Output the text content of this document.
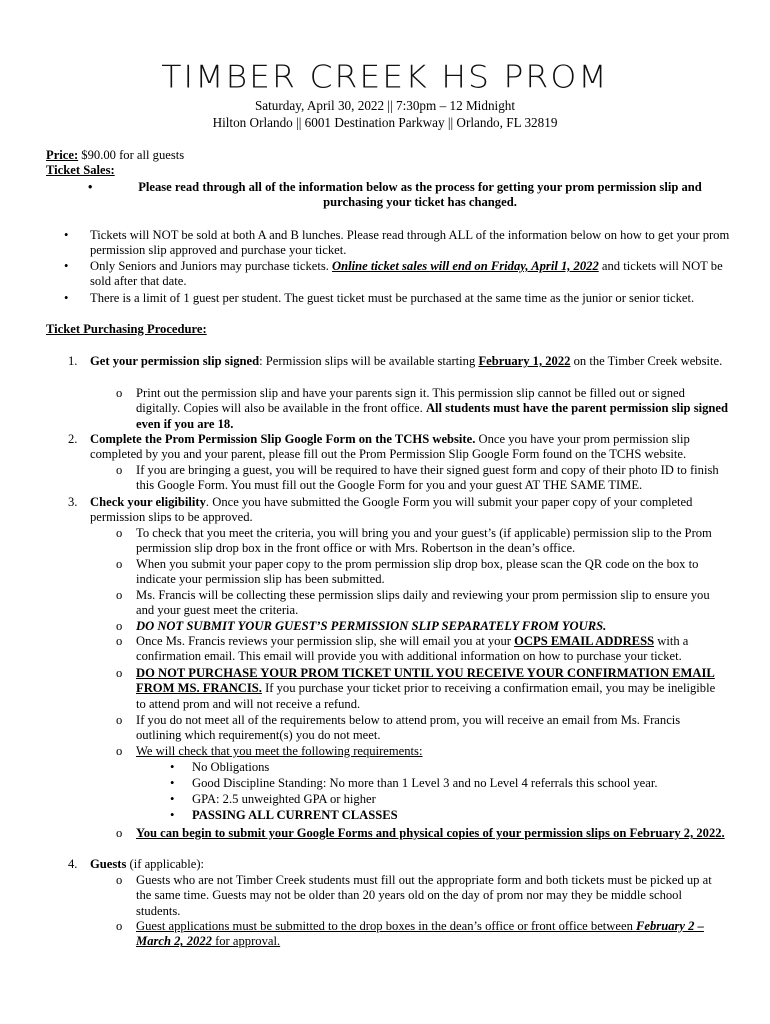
TIMBER CREEK HS PROM
Saturday, April 30, 2022 || 7:30pm – 12 Midnight
Hilton Orlando || 6001 Destination Parkway || Orlando, FL 32819
Price: $90.00 for all guests
Ticket Sales:
•	Please read through all of the information below as the process for getting your prom permission slip and purchasing your ticket has changed.
• Tickets will NOT be sold at both A and B lunches. Please read through ALL of the information below on how to get your prom permission slip approved and purchase your ticket.
• Only Seniors and Juniors may purchase tickets. Online ticket sales will end on Friday, April 1, 2022 and tickets will NOT be sold after that date.
• There is a limit of 1 guest per student. The guest ticket must be purchased at the same time as the junior or senior ticket.
Ticket Purchasing Procedure:
1. Get your permission slip signed: Permission slips will be available starting February 1, 2022 on the Timber Creek website.
o Print out the permission slip and have your parents sign it. This permission slip cannot be filled out or signed digitally. Copies will also be available in the front office. All students must have the parent permission slip signed even if you are 18.
2. Complete the Prom Permission Slip Google Form on the TCHS website. Once you have your prom permission slip completed by you and your parent, please fill out the Prom Permission Slip Google Form found on the TCHS website.
o If you are bringing a guest, you will be required to have their signed guest form and copy of their photo ID to finish this Google Form. You must fill out the Google Form for you and your guest AT THE SAME TIME.
3. Check your eligibility. Once you have submitted the Google Form you will submit your paper copy of your completed permission slips to be approved.
o To check that you meet the criteria, you will bring you and your guest’s (if applicable) permission slip to the Prom permission slip drop box in the front office or with Mrs. Robertson in the dean’s office.
o When you submit your paper copy to the prom permission slip drop box, please scan the QR code on the box to indicate your permission slip has been submitted.
o Ms. Francis will be collecting these permission slips daily and reviewing your prom permission slip to ensure you and your guest meet the criteria.
o DO NOT SUBMIT YOUR GUEST’S PERMISSION SLIP SEPARATELY FROM YOURS.
o Once Ms. Francis reviews your permission slip, she will email you at your OCPS EMAIL ADDRESS with a confirmation email. This email will provide you with additional information on how to purchase your ticket.
o DO NOT PURCHASE YOUR PROM TICKET UNTIL YOU RECEIVE YOUR CONFIRMATION EMAIL FROM MS. FRANCIS. If you purchase your ticket prior to receiving a confirmation email, you may be ineligible to attend prom and will not receive a refund.
o If you do not meet all of the requirements below to attend prom, you will receive an email from Ms. Francis outlining which requirement(s) you do not meet.
o We will check that you meet the following requirements:
• No Obligations
• Good Discipline Standing: No more than 1 Level 3 and no Level 4 referrals this school year.
• GPA: 2.5 unweighted GPA or higher
• PASSING ALL CURRENT CLASSES
o You can begin to submit your Google Forms and physical copies of your permission slips on February 2, 2022.
4. Guests (if applicable):
o Guests who are not Timber Creek students must fill out the appropriate form and both tickets must be picked up at the same time. Guests may not be older than 20 years old on the day of prom nor may they be middle school students.
o Guest applications must be submitted to the drop boxes in the dean’s office or front office between February 2 – March 2, 2022 for approval.
